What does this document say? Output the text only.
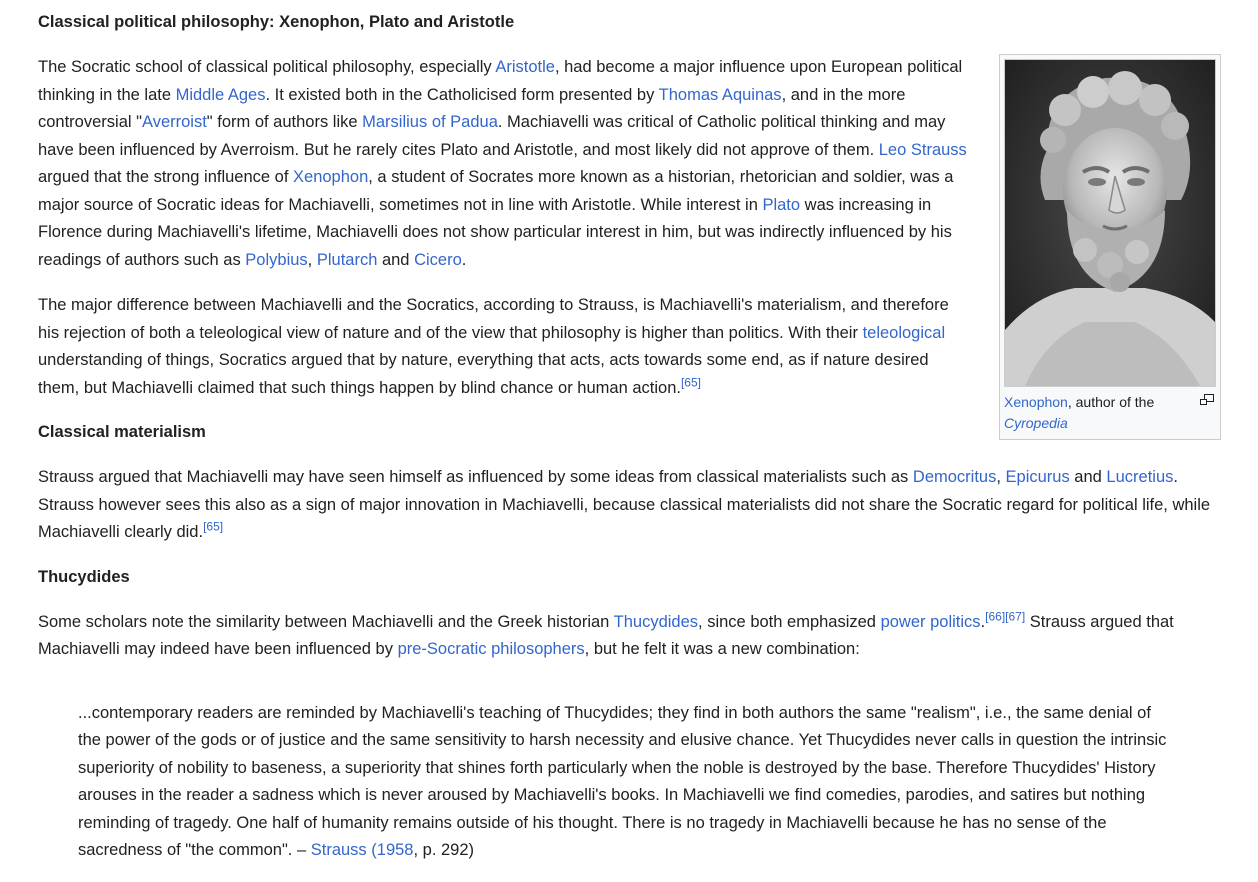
Xenophon, author of the Cyropedia
Classical political philosophy: Xenophon, Plato and Aristotle

The Socratic school of classical political philosophy, especially Aristotle, had become a major influence upon European political thinking in the late Middle Ages. It existed both in the Catholicised form presented by Thomas Aquinas, and in the more controversial "Averroist" form of authors like Marsilius of Padua. Machiavelli was critical of Catholic political thinking and may have been influenced by Averroism. But he rarely cites Plato and Aristotle, and most likely did not approve of them. Leo Strauss argued that the strong influence of Xenophon, a student of Socrates more known as a historian, rhetorician and soldier, was a major source of Socratic ideas for Machiavelli, sometimes not in line with Aristotle. While interest in Plato was increasing in Florence during Machiavelli's lifetime, Machiavelli does not show particular interest in him, but was indirectly influenced by his readings of authors such as Polybius, Plutarch and Cicero.

The major difference between Machiavelli and the Socratics, according to Strauss, is Machiavelli's materialism, and therefore his rejection of both a teleological view of nature and of the view that philosophy is higher than politics. With their teleological understanding of things, Socratics argued that by nature, everything that acts, acts towards some end, as if nature desired them, but Machiavelli claimed that such things happen by blind chance or human action.[65]

Classical materialism

Strauss argued that Machiavelli may have seen himself as influenced by some ideas from classical materialists such as Democritus, Epicurus and Lucretius. Strauss however sees this also as a sign of major innovation in Machiavelli, because classical materialists did not share the Socratic regard for political life, while Machiavelli clearly did.[65]

Thucydides

Some scholars note the similarity between Machiavelli and the Greek historian Thucydides, since both emphasized power politics.[66][67] Strauss argued that Machiavelli may indeed have been influenced by pre-Socratic philosophers, but he felt it was a new combination:

...contemporary readers are reminded by Machiavelli's teaching of Thucydides; they find in both authors the same "realism", i.e., the same denial of the power of the gods or of justice and the same sensitivity to harsh necessity and elusive chance. Yet Thucydides never calls in question the intrinsic superiority of nobility to baseness, a superiority that shines forth particularly when the noble is destroyed by the base. Therefore Thucydides' History arouses in the reader a sadness which is never aroused by Machiavelli's books. In Machiavelli we find comedies, parodies, and satires but nothing reminding of tragedy. One half of humanity remains outside of his thought. There is no tragedy in Machiavelli because he has no sense of the sacredness of "the common". – Strauss (1958, p. 292)
